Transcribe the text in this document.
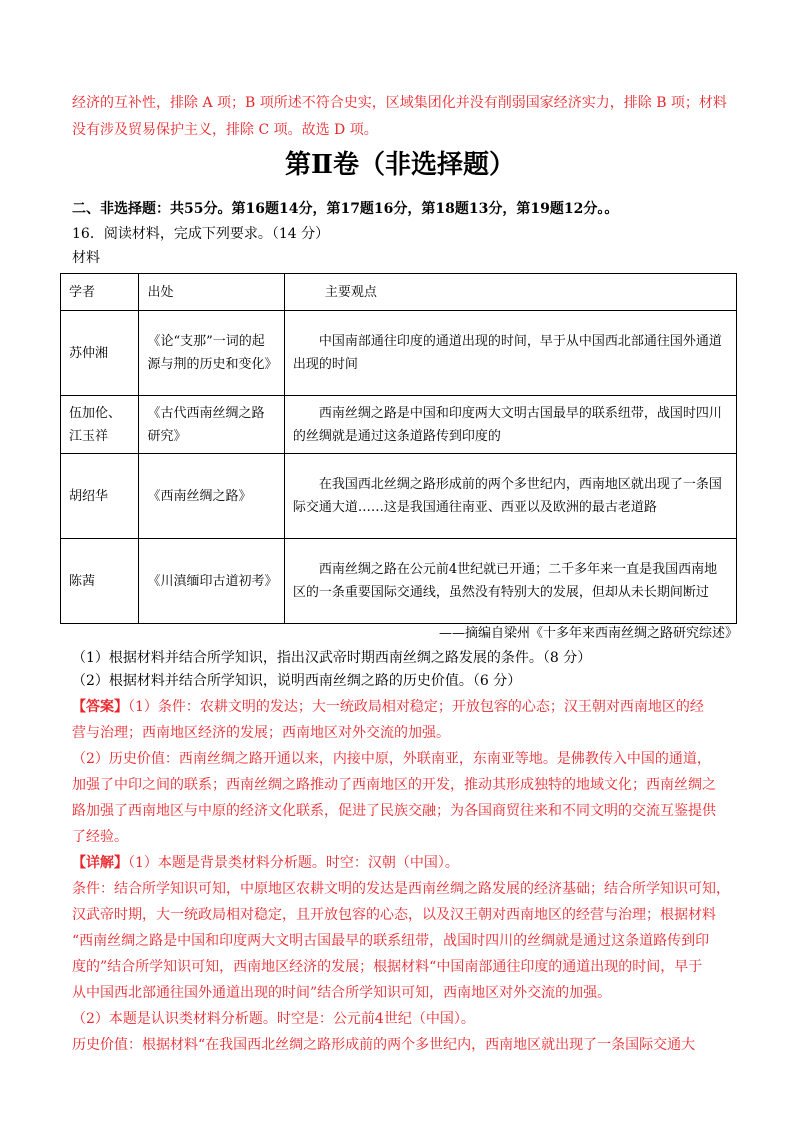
经济的互补性，排除 A 项；B 项所述不符合史实，区域集团化并没有削弱国家经济实力，排除 B 项；材料
没有涉及贸易保护主义，排除 C 项。故选 D 项。
第Ⅱ卷（非选择题）
二、非选择题：共55分。第16题14分，第17题16分，第18题13分，第19题12分。。
16．阅读材料，完成下列要求。（14 分）
材料
学者	出处	主要观点
苏仲湘	《论“支那”一词的起源与荆的历史和变化》	中国南部通往印度的通道出现的时间，早于从中国西北部通往国外通道出现的时间
伍加伦、江玉祥	《古代西南丝绸之路研究》	西南丝绸之路是中国和印度两大文明古国最早的联系纽带，战国时四川的丝绸就是通过这条道路传到印度的
胡绍华	《西南丝绸之路》	在我国西北丝绸之路形成前的两个多世纪内，西南地区就出现了一条国际交通大道……这是我国通往南亚、西亚以及欧洲的最古老道路
陈茜	《川滇缅印古道初考》	西南丝绸之路在公元前4世纪就已开通；二千多年来一直是我国西南地区的一条重要国际交通线，虽然没有特别大的发展，但却从未长期间断过
——摘编自梁州《十多年来西南丝绸之路研究综述》
（1）根据材料并结合所学知识，指出汉武帝时期西南丝绸之路发展的条件。（8 分）
（2）根据材料并结合所学知识，说明西南丝绸之路的历史价值。（6 分）
【答案】（1）条件：农耕文明的发达；大一统政局相对稳定；开放包容的心态；汉王朝对西南地区的经
营与治理；西南地区经济的发展；西南地区对外交流的加强。
（2）历史价值：西南丝绸之路开通以来，内接中原，外联南亚，东南亚等地。是佛教传入中国的通道，
加强了中印之间的联系；西南丝绸之路推动了西南地区的开发，推动其形成独特的地域文化；西南丝绸之
路加强了西南地区与中原的经济文化联系，促进了民族交融；为各国商贸往来和不同文明的交流互鉴提供
了经验。
【详解】（1）本题是背景类材料分析题。时空：汉朝（中国）。
条件：结合所学知识可知，中原地区农耕文明的发达是西南丝绸之路发展的经济基础；结合所学知识可知，
汉武帝时期，大一统政局相对稳定，且开放包容的心态，以及汉王朝对西南地区的经营与治理；根据材料
“西南丝绸之路是中国和印度两大文明古国最早的联系纽带，战国时四川的丝绸就是通过这条道路传到印
度的”结合所学知识可知，西南地区经济的发展；根据材料“中国南部通往印度的通道出现的时间，早于
从中国西北部通往国外通道出现的时间”结合所学知识可知，西南地区对外交流的加强。
（2）本题是认识类材料分析题。时空是：公元前4世纪（中国）。
历史价值：根据材料“在我国西北丝绸之路形成前的两个多世纪内，西南地区就出现了一条国际交通大
